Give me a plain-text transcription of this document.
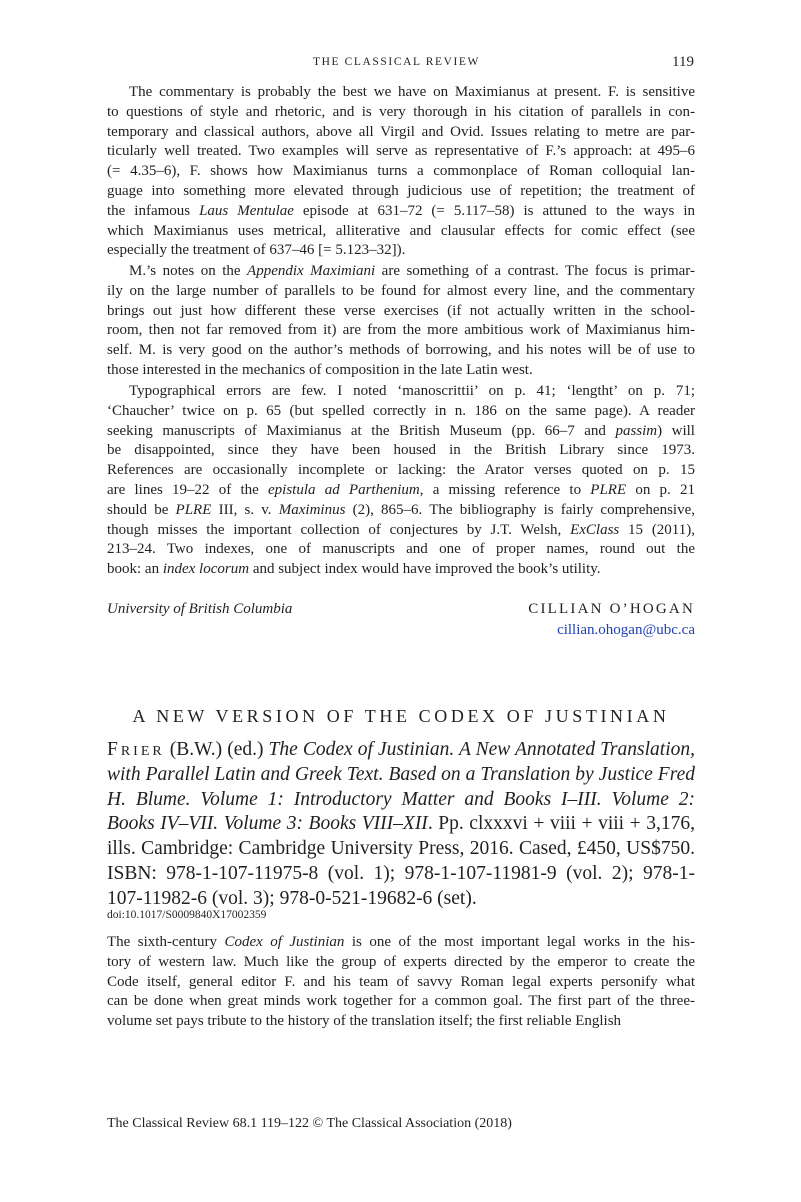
THE CLASSICAL REVIEW	119
The commentary is probably the best we have on Maximianus at present. F. is sensitive
to questions of style and rhetoric, and is very thorough in his citation of parallels in con-
temporary and classical authors, above all Virgil and Ovid. Issues relating to metre are par-
ticularly well treated. Two examples will serve as representative of F.’s approach: at 495–6
(= 4.35–6), F. shows how Maximianus turns a commonplace of Roman colloquial lan-
guage into something more elevated through judicious use of repetition; the treatment of
the infamous Laus Mentulae episode at 631–72 (= 5.117–58) is attuned to the ways in
which Maximianus uses metrical, alliterative and clausular effects for comic effect (see
especially the treatment of 637–46 [= 5.123–32]).
M.’s notes on the Appendix Maximiani are something of a contrast. The focus is primar-
ily on the large number of parallels to be found for almost every line, and the commentary
brings out just how different these verse exercises (if not actually written in the school-
room, then not far removed from it) are from the more ambitious work of Maximianus him-
self. M. is very good on the author’s methods of borrowing, and his notes will be of use to
those interested in the mechanics of composition in the late Latin west.
Typographical errors are few. I noted ‘manoscrittii’ on p. 41; ‘lengtht’ on p. 71;
‘Chaucher’ twice on p. 65 (but spelled correctly in n. 186 on the same page). A reader
seeking manuscripts of Maximianus at the British Museum (pp. 66–7 and passim) will
be disappointed, since they have been housed in the British Library since 1973.
References are occasionally incomplete or lacking: the Arator verses quoted on p. 15
are lines 19–22 of the epistula ad Parthenium, a missing reference to PLRE on p. 21
should be PLRE III, s. v. Maximinus (2), 865–6. The bibliography is fairly comprehensive,
though misses the important collection of conjectures by J.T. Welsh, ExClass 15 (2011),
213–24. Two indexes, one of manuscripts and one of proper names, round out the
book: an index locorum and subject index would have improved the book’s utility.
University of British Columbia	CILLIAN O’HOGAN
cillian.ohogan@ubc.ca
A NEW VERSION OF THE CODEX OF JUSTINIAN

Frier (B.W.) (ed.) The Codex of Justinian. A New Annotated Translation, with Parallel Latin and Greek Text. Based on a Translation by Justice Fred H. Blume. Volume 1: Introductory Matter and Books I–III. Volume 2: Books IV–VII. Volume 3: Books VIII–XII. Pp. clxxxvi + viii + viii + 3,176, ills. Cambridge: Cambridge University Press, 2016. Cased, £450, US$750. ISBN: 978-1-107-11975-8 (vol. 1); 978-1-107-11981-9 (vol. 2); 978-1-107-11982-6 (vol. 3); 978-0-521-19682-6 (set).

doi:10.1017/S0009840X17002359
The sixth-century Codex of Justinian is one of the most important legal works in the his-
tory of western law. Much like the group of experts directed by the emperor to create the
Code itself, general editor F. and his team of savvy Roman legal experts personify what
can be done when great minds work together for a common goal. The first part of the three-
volume set pays tribute to the history of the translation itself; the first reliable English
The Classical Review 68.1 119–122 © The Classical Association (2018)
